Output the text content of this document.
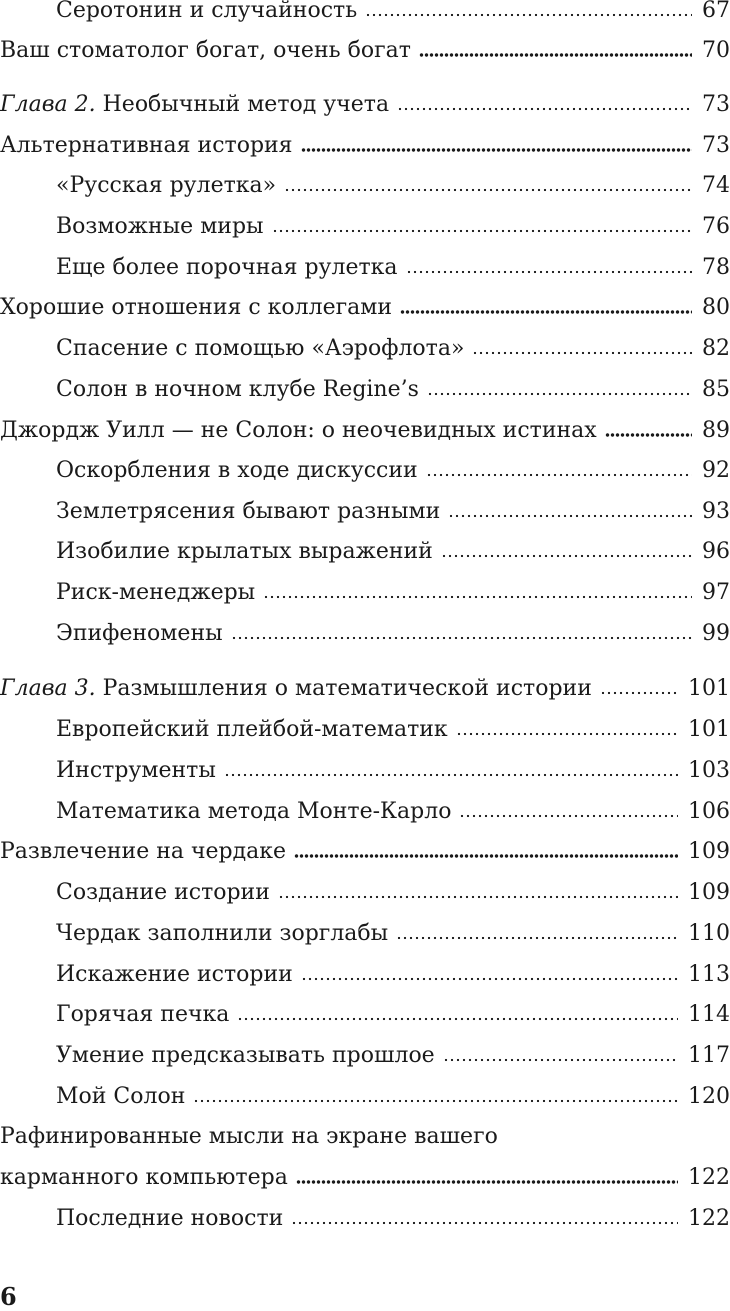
Серотонин и случайность	67
Ваш стоматолог богат, очень богат	70
Глава 2. Необычный метод учета	73
Альтернативная история	73
«Русская рулетка»	74
Возможные миры	76
Еще более порочная рулетка	78
Хорошие отношения с коллегами	80
Спасение с помощью «Аэрофлота»	82
Солон в ночном клубе Regine’s	85
Джордж Уилл — не Солон: о неочевидных истинах	89
Оскорбления в ходе дискуссии	92
Землетрясения бывают разными	93
Изобилие крылатых выражений	96
Риск-менеджеры	97
Эпифеномены	99
Глава 3. Размышления о математической истории	101
Европейский плейбой-математик	101
Инструменты	103
Математика метода Монте-Карло	106
Развлечение на чердаке	109
Создание истории	109
Чердак заполнили зорглабы	110
Искажение истории	113
Горячая печка	114
Умение предсказывать прошлое	117
Мой Солон	120
Рафинированные мысли на экране вашего
карманного компьютера	122
Последние новости	122
6
